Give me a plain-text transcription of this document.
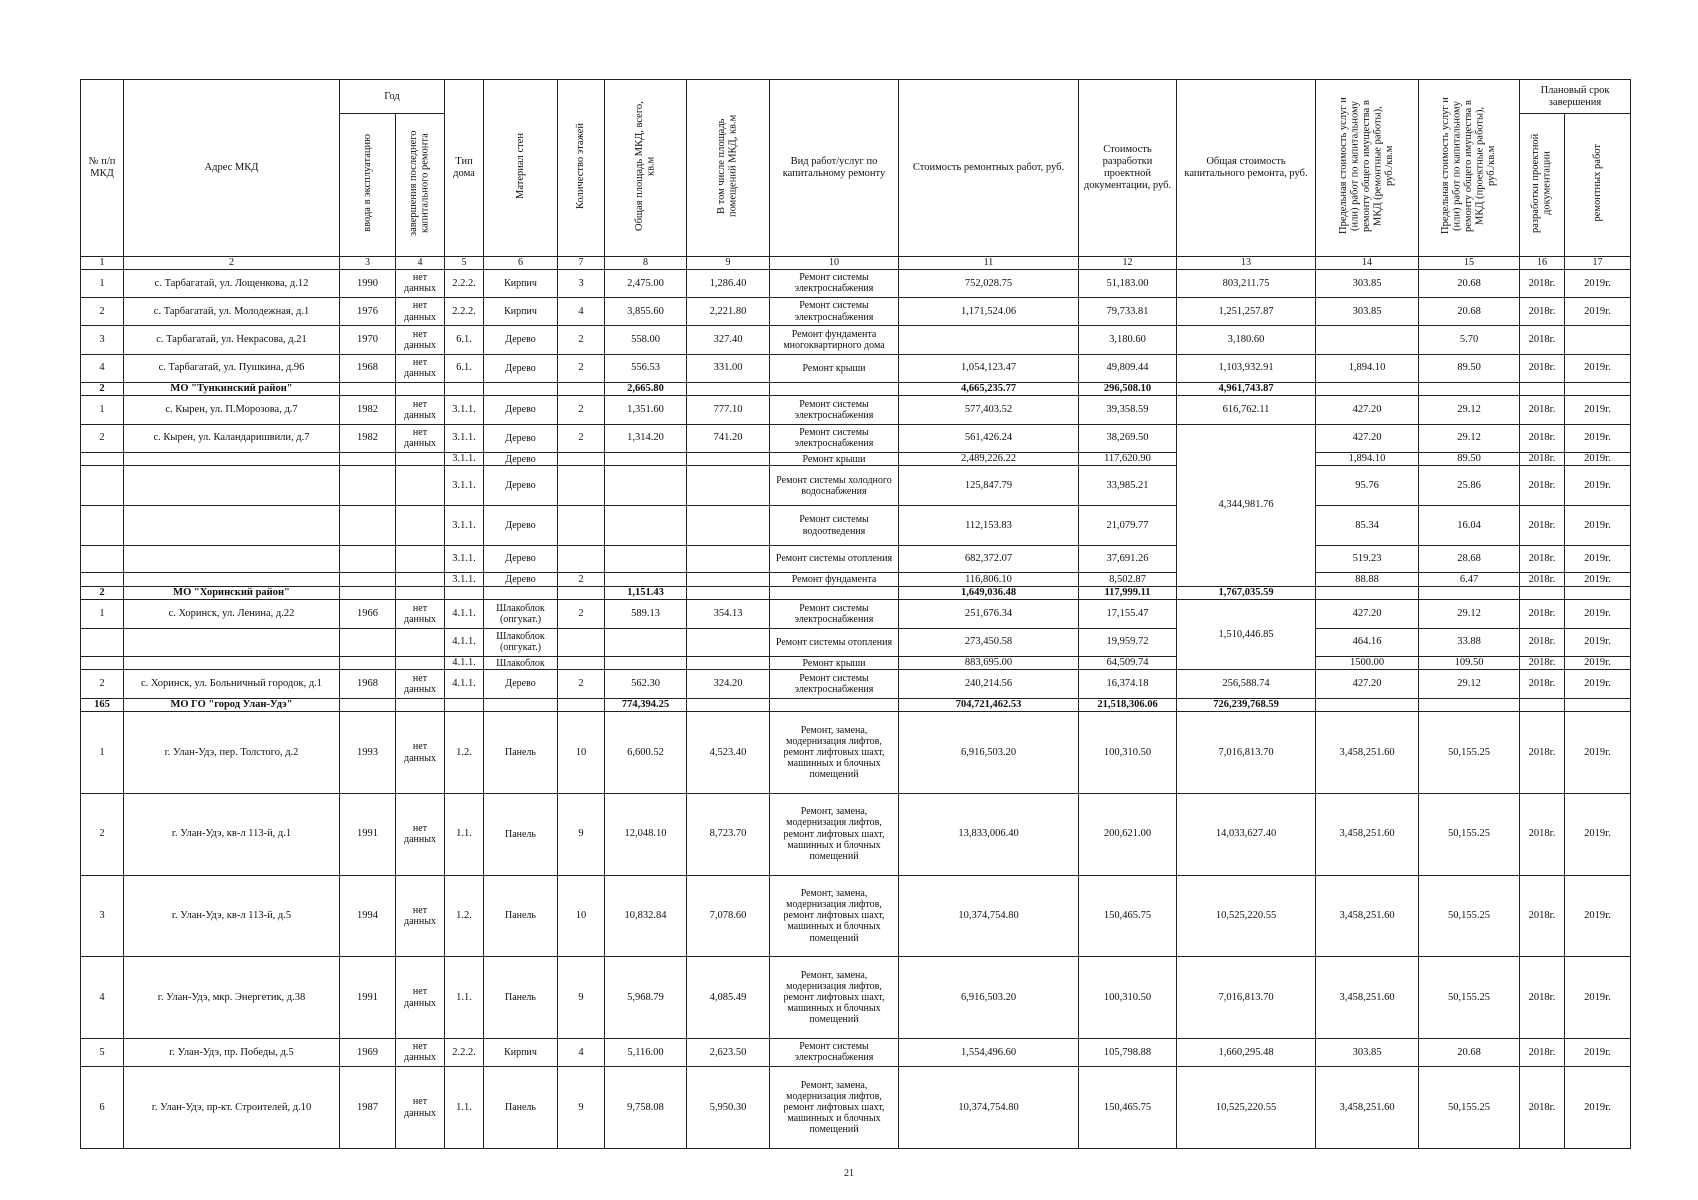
№ п/п МКД	Адрес МКД	Год		Тип дома	Материал стен	Количество этажей	Общая площадь МКД, всего, кв.м	В том числе площадь помещений МКД, кв.м	Вид работ/услуг по капитальному ремонту	Стоимость ремонтных работ, руб.	Стоимость разработки проектной документации, руб.	Общая стоимость капитального ремонта, руб.	Предельная стоимость услуг и (или) работ по капитальному ремонту общего имущества в МКД (ремонтные работы), руб./кв.м	Предельная стоимость услуг и (или) работ по капитальному ремонту общего имущества в МКД (проектные работы), руб./кв.м	Плановый срок завершения	
		ввода в эксплуатацию	завершения последнего капитального ремонта												разработки проектной документации	ремонтных работ
1	2	3	4	5	6	7	8	9	10	11	12	13	14	15	16	17
1	с. Тарбагатай, ул. Лощенкова, д.12	1990	нет данных	2.2.2.	Кирпич	3	2,475.00	1,286.40	Ремонт системы электроснабжения	752,028.75	51,183.00	803,211.75	303.85	20.68	2018г.	2019г.
2	с. Тарбагатай, ул. Молодежная, д.1	1976	нет данных	2.2.2.	Кирпич	4	3,855.60	2,221.80	Ремонт системы электроснабжения	1,171,524.06	79,733.81	1,251,257.87	303.85	20.68	2018г.	2019г.
3	с. Тарбагатай, ул. Некрасова, д.21	1970	нет данных	6.1.	Дерево	2	558.00	327.40	Ремонт фундамента многоквартирного дома		3,180.60	3,180.60		5.70	2018г.	
4	с. Тарбагатай, ул. Пушкина, д.96	1968	нет данных	6.1.	Дерево	2	556.53	331.00	Ремонт крыши	1,054,123.47	49,809.44	1,103,932.91	1,894.10	89.50	2018г.	2019г.
2	МО "Тункинский район"						2,665.80			4,665,235.77	296,508.10	4,961,743.87				
1	с. Кырен, ул. П.Морозова, д.7	1982	нет данных	3.1.1.	Дерево	2	1,351.60	777.10	Ремонт системы электроснабжения	577,403.52	39,358.59	616,762.11	427.20	29.12	2018г.	2019г.
2	с. Кырен, ул. Каландаришвили, д.7	1982	нет данных	3.1.1.	Дерево	2	1,314.20	741.20	Ремонт системы электроснабжения	561,426.24	38,269.50	4,344,981.76	427.20	29.12	2018г.	2019г.
				3.1.1.	Дерево				Ремонт крыши	2,489,226.22	117,620.90		1,894.10	89.50	2018г.	2019г.
				3.1.1.	Дерево				Ремонт системы холодного водоснабжения	125,847.79	33,985.21		95.76	25.86	2018г.	2019г.
				3.1.1.	Дерево				Ремонт системы водоотведения	112,153.83	21,079.77		85.34	16.04	2018г.	2019г.
				3.1.1.	Дерево				Ремонт системы отопления	682,372.07	37,691.26		519.23	28.68	2018г.	2019г.
				3.1.1.	Дерево	2			Ремонт фундамента	116,806.10	8,502.87		88.88	6.47	2018г.	2019г.
2	МО "Хоринский район"						1,151.43			1,649,036.48	117,999.11	1,767,035.59				
1	с. Хоринск, ул. Ленина, д.22	1966	нет данных	4.1.1.	Шлакоблок (опгукат.)	2	589.13	354.13	Ремонт системы электроснабжения	251,676.34	17,155.47	1,510,446.85	427.20	29.12	2018г.	2019г.
				4.1.1.	Шлакоблок (опгукат.)				Ремонт системы отопления	273,450.58	19,959.72		464.16	33.88	2018г.	2019г.
				4.1.1.	Шлакоблок				Ремонт крыши	883,695.00	64,509.74		1500.00	109.50	2018г.	2019г.
2	с. Хоринск, ул. Больничный городок, д.1	1968	нет данных	4.1.1.	Дерево	2	562.30	324.20	Ремонт системы электроснабжения	240,214.56	16,374.18	256,588.74	427.20	29.12	2018г.	2019г.
165	МО ГО "город Улан-Удэ"						774,394.25			704,721,462.53	21,518,306.06	726,239,768.59				
1	г. Улан-Удэ, пер. Толстого, д.2	1993	нет данных	1.2.	Панель	10	6,600.52	4,523.40	Ремонт, замена, модернизация лифтов, ремонт лифтовых шахт, машинных и блочных помещений	6,916,503.20	100,310.50	7,016,813.70	3,458,251.60	50,155.25	2018г.	2019г.
2	г. Улан-Удэ, кв-л 113-й, д.1	1991	нет данных	1.1.	Панель	9	12,048.10	8,723.70	Ремонт, замена, модернизация лифтов, ремонт лифтовых шахт, машинных и блочных помещений	13,833,006.40	200,621.00	14,033,627.40	3,458,251.60	50,155.25	2018г.	2019г.
3	г. Улан-Удэ, кв-л 113-й, д.5	1994	нет данных	1.2.	Панель	10	10,832.84	7,078.60	Ремонт, замена, модернизация лифтов, ремонт лифтовых шахт, машинных и блочных помещений	10,374,754.80	150,465.75	10,525,220.55	3,458,251.60	50,155.25	2018г.	2019г.
4	г. Улан-Удэ, мкр. Энергетик, д.38	1991	нет данных	1.1.	Панель	9	5,968.79	4,085.49	Ремонт, замена, модернизация лифтов, ремонт лифтовых шахт, машинных и блочных помещений	6,916,503.20	100,310.50	7,016,813.70	3,458,251.60	50,155.25	2018г.	2019г.
5	г. Улан-Удэ, пр. Победы, д.5	1969	нет данных	2.2.2.	Кирпич	4	5,116.00	2,623.50	Ремонт системы электроснабжения	1,554,496.60	105,798.88	1,660,295.48	303.85	20.68	2018г.	2019г.
6	г. Улан-Удэ, пр-кт. Строителей, д.10	1987	нет данных	1.1.	Панель	9	9,758.08	5,950.30	Ремонт, замена, модернизация лифтов, ремонт лифтовых шахт, машинных и блочных помещений	10,374,754.80	150,465.75	10,525,220.55	3,458,251.60	50,155.25	2018г.	2019г.
21
